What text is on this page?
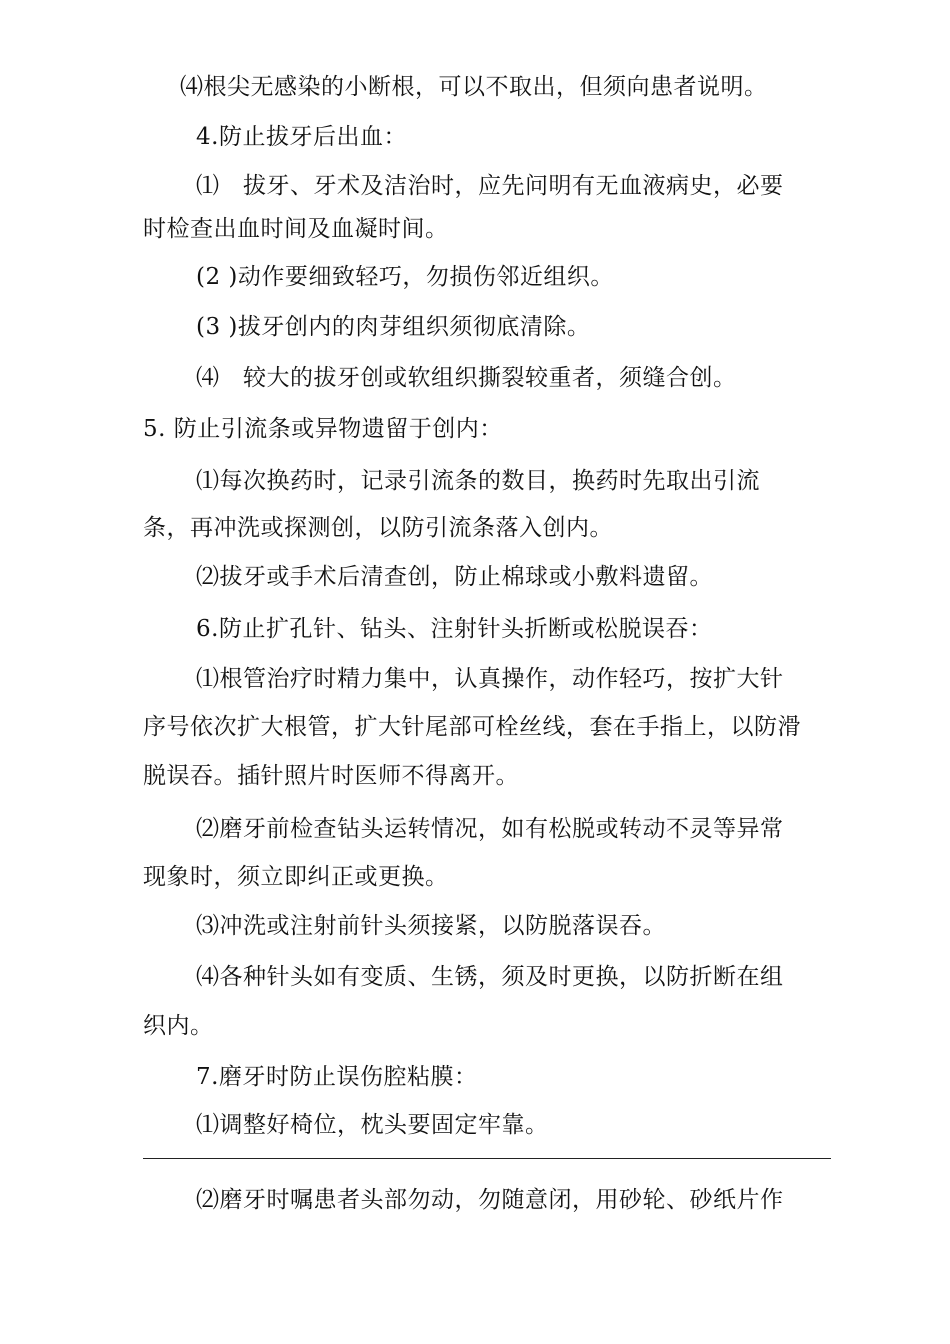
⑷根尖无感染的小断根，可以不取出，但须向患者说明。
4.防止拔牙后出血：
⑴　拔牙、牙术及洁治时，应先问明有无血液病史，必要
时检查出血时间及血凝时间。
(2 )动作要细致轻巧，勿损伤邻近组织。
(3 )拔牙创内的肉芽组织须彻底清除。
⑷　较大的拔牙创或软组织撕裂较重者，须缝合创。
5. 防止引流条或异物遗留于创内：
⑴每次换药时，记录引流条的数目，换药时先取出引流
条，再冲洗或探测创，以防引流条落入创内。
⑵拔牙或手术后清查创，防止棉球或小敷料遗留。
6.防止扩孔针、钻头、注射针头折断或松脱误吞：
⑴根管治疗时精力集中，认真操作，动作轻巧，按扩大针
序号依次扩大根管，扩大针尾部可栓丝线，套在手指上，以防滑
脱误吞。插针照片时医师不得离开。
⑵磨牙前检查钻头运转情况，如有松脱或转动不灵等异常
现象时，须立即纠正或更换。
⑶冲洗或注射前针头须接紧，以防脱落误吞。
⑷各种针头如有变质、生锈，须及时更换，以防折断在组
织内。
7.磨牙时防止误伤腔粘膜：
⑴调整好椅位，枕头要固定牢靠。
⑵磨牙时嘱患者头部勿动，勿随意闭，用砂轮、砂纸片作
